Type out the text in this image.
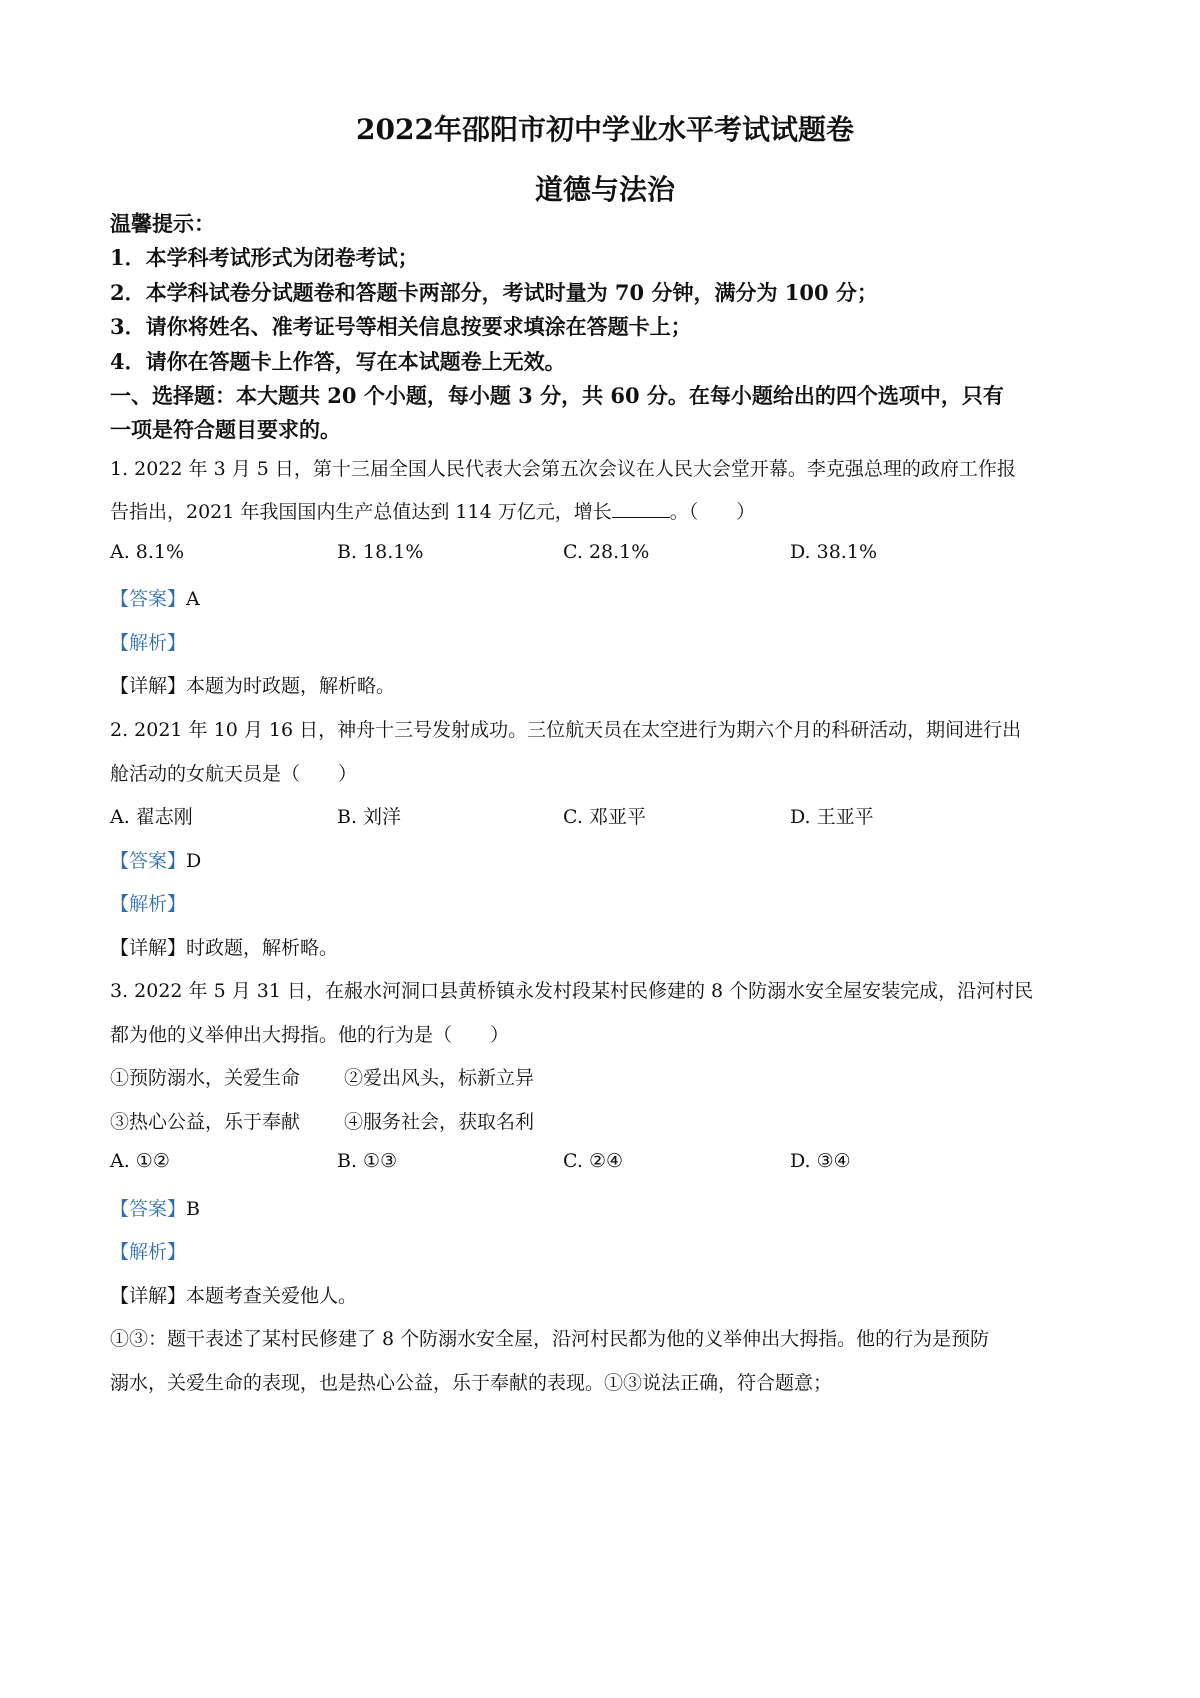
2022年邵阳市初中学业水平考试试题卷
道德与法治
温馨提示：
1．本学科考试形式为闭卷考试；
2．本学科试卷分试题卷和答题卡两部分，考试时量为 70 分钟，满分为 100 分；
3．请你将姓名、准考证号等相关信息按要求填涂在答题卡上；
4．请你在答题卡上作答，写在本试题卷上无效。
一、选择题：本大题共 20 个小题，每小题 3 分，共 60 分。在每小题给出的四个选项中，只有
一项是符合题目要求的。
1. 2022 年 3 月 5 日，第十三届全国人民代表大会第五次会议在人民大会堂开幕。李克强总理的政府工作报
告指出，2021 年我国国内生产总值达到 114 万亿元，增长	。（　　）
A. 8.1%	B. 18.1%	C. 28.1%	D. 38.1%
【答案】A
【解析】
【详解】本题为时政题，解析略。
2. 2021 年 10 月 16 日，神舟十三号发射成功。三位航天员在太空进行为期六个月的科研活动，期间进行出
舱活动的女航天员是（　　）
A. 翟志刚	B. 刘洋	C. 邓亚平	D. 王亚平
【答案】D
【解析】
【详解】时政题，解析略。
3. 2022 年 5 月 31 日，在赧水河洞口县黄桥镇永发村段某村民修建的 8 个防溺水安全屋安装完成，沿河村民
都为他的义举伸出大拇指。他的行为是（　　）
①预防溺水，关爱生命 ②爱出风头，标新立异
③热心公益，乐于奉献 ④服务社会，获取名利
A. ①②	B. ①③	C. ②④	D. ③④
【答案】B
【解析】
【详解】本题考查关爱他人。
①③：题干表述了某村民修建了 8 个防溺水安全屋，沿河村民都为他的义举伸出大拇指。他的行为是预防
溺水，关爱生命的表现，也是热心公益，乐于奉献的表现。①③说法正确，符合题意；
